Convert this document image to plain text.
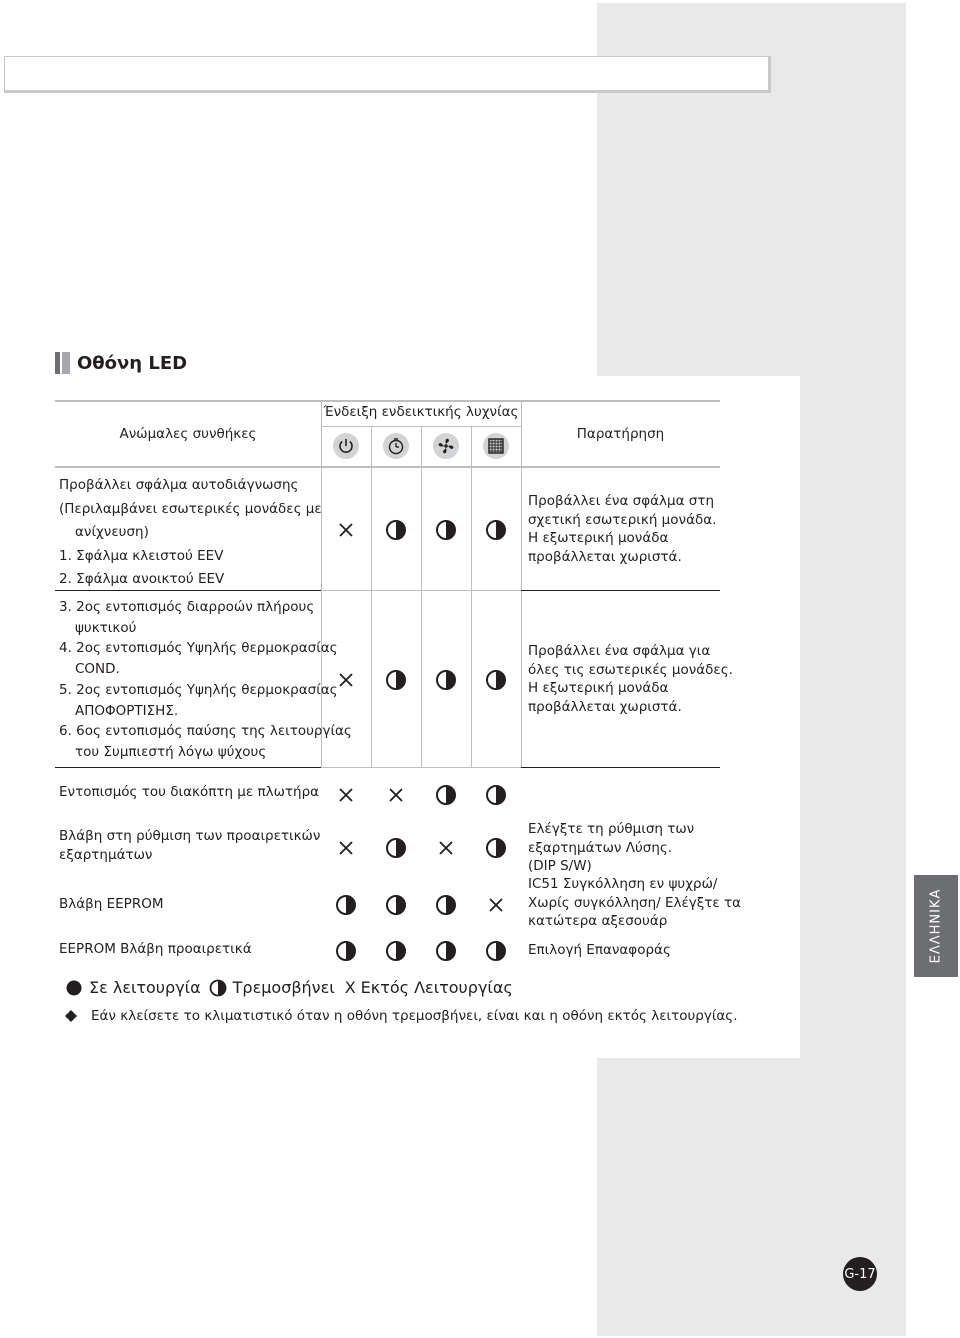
Οθόνη LED
Ανώμαλες συνθήκες
Ένδειξη ενδεικτικής λυχνίας
Παρατήρηση
Προβάλλει σφάλμα αυτοδιάγνωσης
(Περιλαμβάνει εσωτερικές μονάδες με
ανίχνευση)
1. Σφάλμα κλειστού EEV
2. Σφάλμα ανοικτού EEV
Προβάλλει ένα σφάλμα στη
σχετική εσωτερική μονάδα.
Η εξωτερική μονάδα
προβάλλεται χωριστά.
3. 2ος εντοπισμός διαρροών πλήρους
ψυκτικού
4. 2ος εντοπισμός Υψηλής θερμοκρασίας
COND.
5. 2ος εντοπισμός Υψηλής θερμοκρασίας
ΑΠΟΦΟΡΤΙΣΗΣ.
6. 6ος εντοπισμός παύσης της λειτουργίας
του Συμπιεστή λόγω ψύχους
Προβάλλει ένα σφάλμα για
όλες τις εσωτερικές μονάδες.
Η εξωτερική μονάδα
προβάλλεται χωριστά.
Εντοπισμός του διακόπτη με πλωτήρα
Βλάβη στη ρύθμιση των προαιρετικών
εξαρτημάτων
Ελέγξτε τη ρύθμιση των
εξαρτημάτων Λύσης.
(DIP S/W)
Βλάβη EEPROM
IC51 Συγκόλληση εν ψυχρώ/
Χωρίς συγκόλληση/ Ελέγξτε τα
κατώτερα αξεσουάρ
EEPROM Βλάβη προαιρετικά	Επιλογή Επαναφοράς
Σε λειτουργία Τρεμοσβήνει X Εκτός Λειτουργίας
Εάν κλείσετε το κλιματιστικό όταν η οθόνη τρεμοσβήνει, είναι και η οθόνη εκτός λειτουργίας.
ΕΛΛΗΝΙΚΑ
G-17
